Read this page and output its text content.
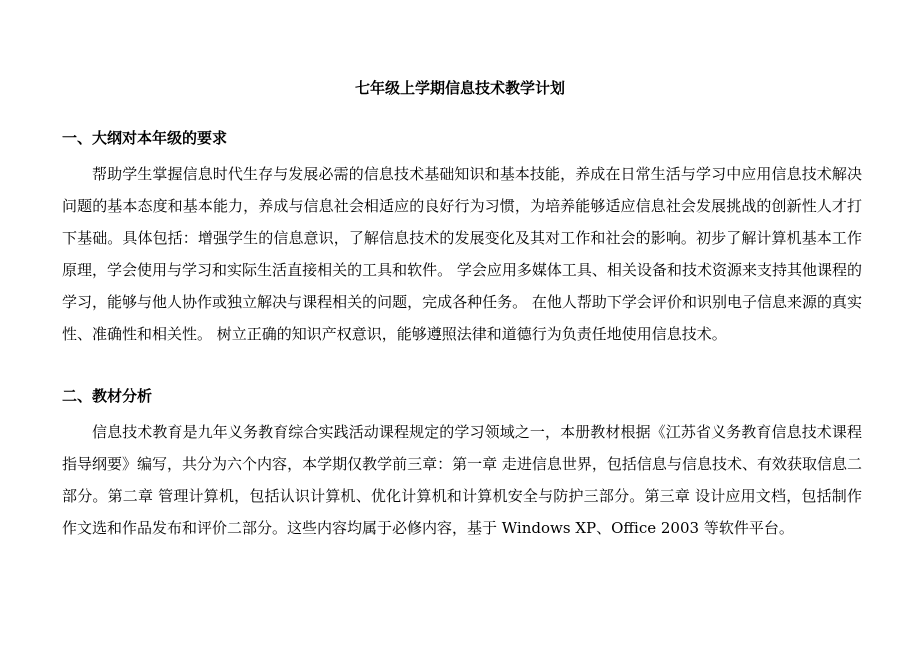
七年级上学期信息技术教学计划
一、大纲对本年级的要求

帮助学生掌握信息时代生存与发展必需的信息技术基础知识和基本技能，养成在日常生活与学习中应用信息技术解决问题的基本态度和基本能力，养成与信息社会相适应的良好行为习惯，为培养能够适应信息社会发展挑战的创新性人才打下基础。具体包括：增强学生的信息意识，了解信息技术的发展变化及其对工作和社会的影响。初步了解计算机基本工作原理，学会使用与学习和实际生活直接相关的工具和软件。 学会应用多媒体工具、相关设备和技术资源来支持其他课程的学习，能够与他人协作或独立解决与课程相关的问题，完成各种任务。 在他人帮助下学会评价和识别电子信息来源的真实性、准确性和相关性。 树立正确的知识产权意识，能够遵照法律和道德行为负责任地使用信息技术。

二、教材分析

信息技术教育是九年义务教育综合实践活动课程规定的学习领域之一，本册教材根据《江苏省义务教育信息技术课程指导纲要》编写，共分为六个内容，本学期仅教学前三章：第一章 走进信息世界，包括信息与信息技术、有效获取信息二部分。第二章 管理计算机，包括认识计算机、优化计算机和计算机安全与防护三部分。第三章 设计应用文档，包括制作作文选和作品发布和评价二部分。这些内容均属于必修内容，基于 Windows XP、Office 2003 等软件平台。
